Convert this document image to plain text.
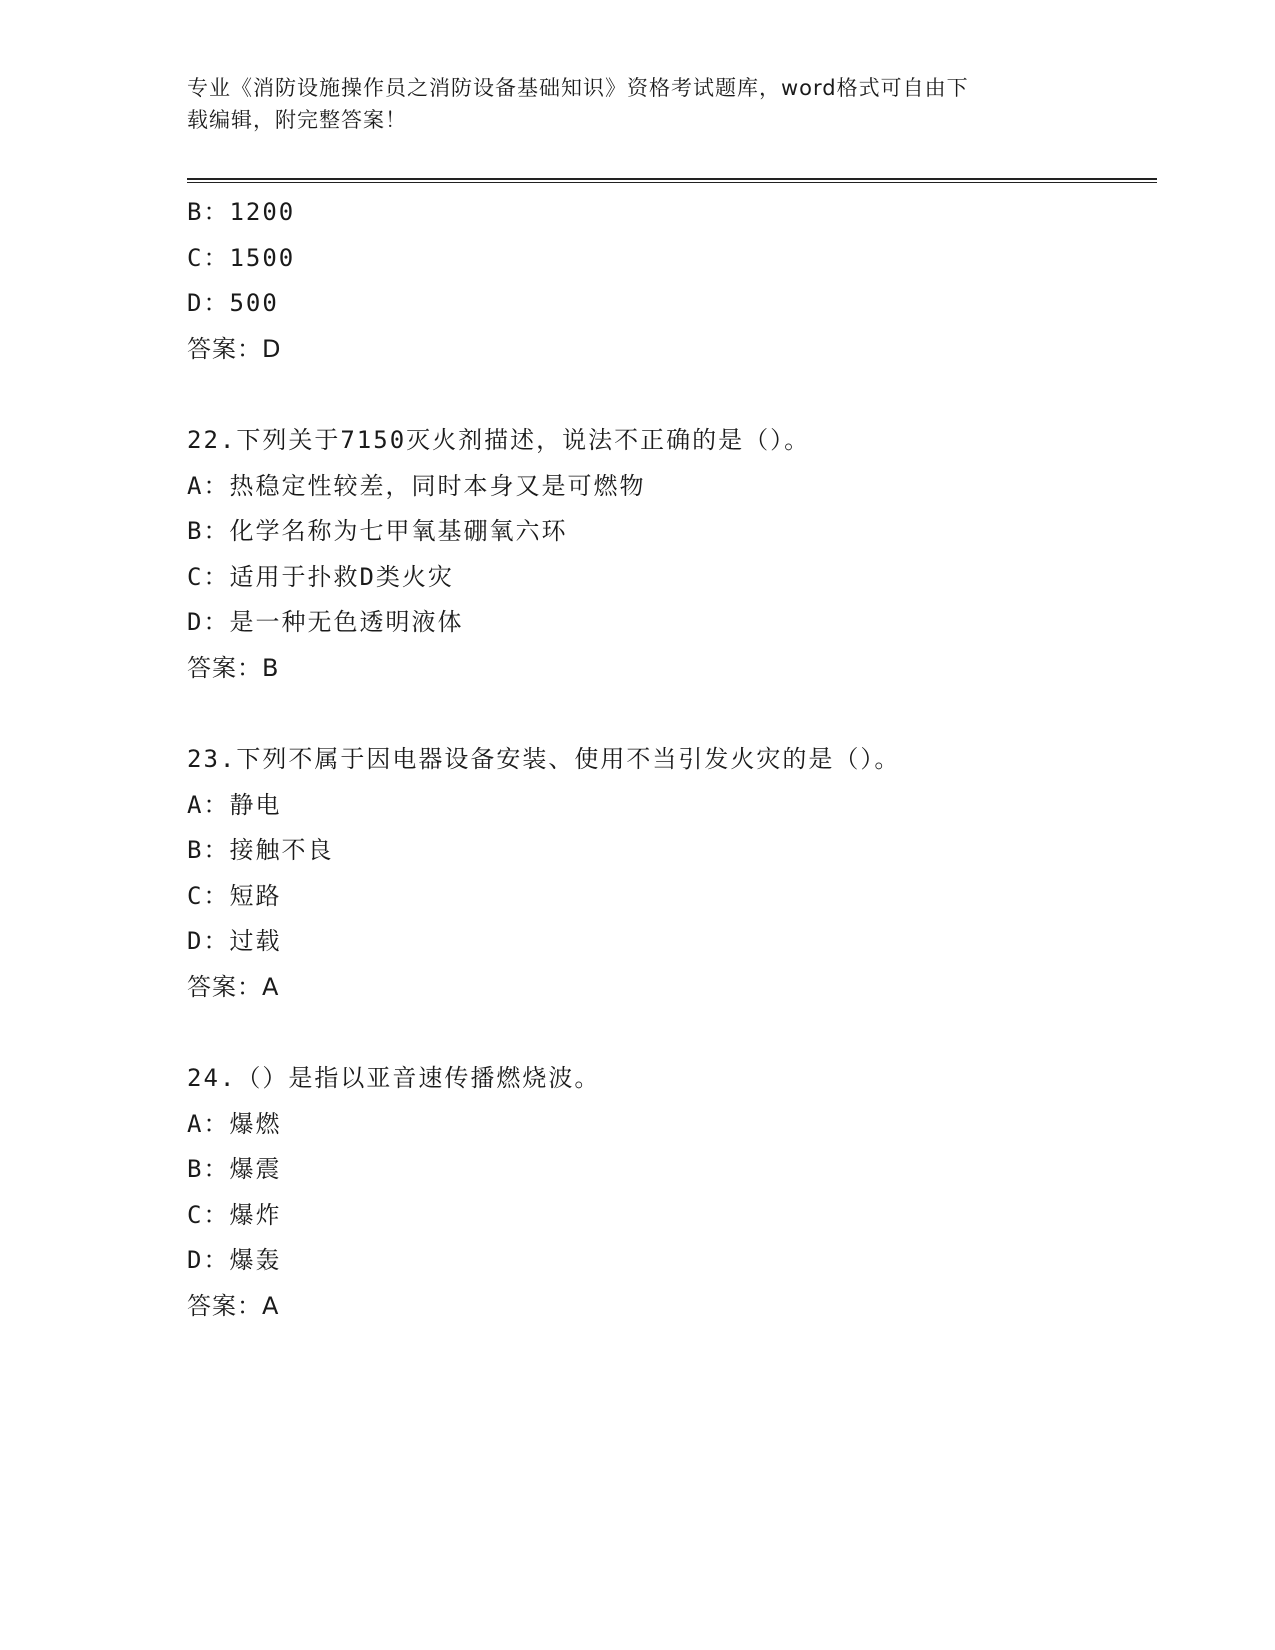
专业《消防设施操作员之消防设备基础知识》资格考试题库，word格式可自由下
载编辑，附完整答案！
B：1200
C：1500
D：500
答案：D
22.下列关于7150灭火剂描述，说法不正确的是（）。
A：热稳定性较差，同时本身又是可燃物
B：化学名称为七甲氧基硼氧六环
C：适用于扑救D类火灾
D：是一种无色透明液体
答案：B
23.下列不属于因电器设备安装、使用不当引发火灾的是（）。
A：静电
B：接触不良
C：短路
D：过载
答案：A
24.（）是指以亚音速传播燃烧波。
A：爆燃
B：爆震
C：爆炸
D：爆轰
答案：A
